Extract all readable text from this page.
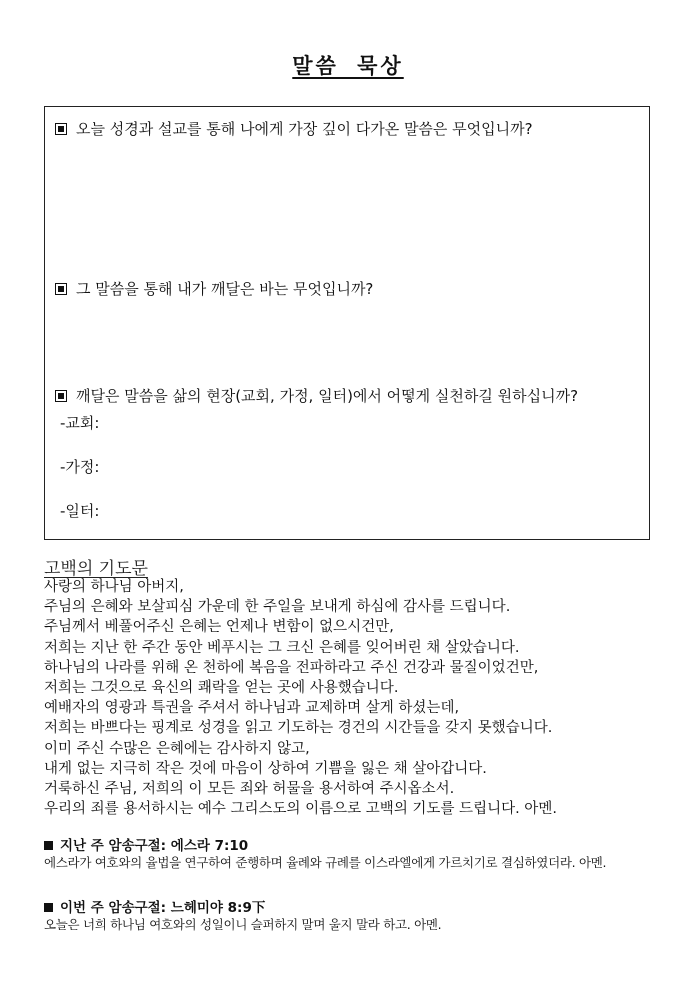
말씀 묵상
오늘 성경과 설교를 통해 나에게 가장 깊이 다가온 말씀은 무엇입니까?
그 말씀을 통해 내가 깨달은 바는 무엇입니까?
깨달은 말씀을 삶의 현장(교회, 가정, 일터)에서 어떻게 실천하길 원하십니까?
-교회:
-가정:
-일터:
고백의 기도문
사랑의 하나님 아버지,
주님의 은혜와 보살피심 가운데 한 주일을 보내게 하심에 감사를 드립니다.
주님께서 베풀어주신 은혜는 언제나 변함이 없으시건만,
저희는 지난 한 주간 동안 베푸시는 그 크신 은혜를 잊어버린 채 살았습니다.
하나님의 나라를 위해 온 천하에 복음을 전파하라고 주신 건강과 물질이었건만,
저희는 그것으로 육신의 쾌락을 얻는 곳에 사용했습니다.
예배자의 영광과 특권을 주셔서 하나님과 교제하며 살게 하셨는데,
저희는 바쁘다는 핑계로 성경을 읽고 기도하는 경건의 시간들을 갖지 못했습니다.
이미 주신 수많은 은혜에는 감사하지 않고,
내게 없는 지극히 작은 것에 마음이 상하여 기쁨을 잃은 채 살아갑니다.
거룩하신 주님, 저희의 이 모든 죄와 허물을 용서하여 주시옵소서.
우리의 죄를 용서하시는 예수 그리스도의 이름으로 고백의 기도를 드립니다. 아멘.
지난 주 암송구절: 에스라 7:10
에스라가 여호와의 율법을 연구하여 준행하며 율례와 규례를 이스라엘에게 가르치기로 결심하였더라. 아멘.
이번 주 암송구절: 느헤미야 8:9下
오늘은 너희 하나님 여호와의 성일이니 슬퍼하지 말며 울지 말라 하고. 아멘.
